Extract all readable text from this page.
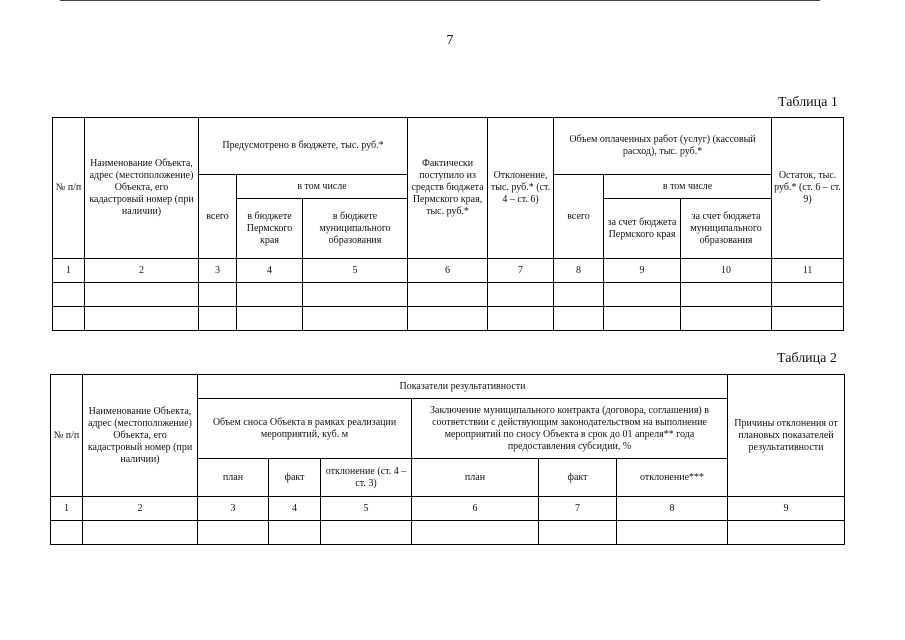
7
Таблица 1
№ п/п	Наименование Объекта, адрес (местоположение) Объекта, его кадастровый номер (при наличии)	Предусмотрено в бюджете, тыс. руб.*			Фактически поступило из средств бюджета Пермского края, тыс. руб.*	Отклонение, тыс. руб.* (ст. 4 – ст. 6)	Объем оплаченных работ (услуг) (кассовый расход), тыс. руб.*			Остаток, тыс. руб.* (ст. 6 – ст. 9)
		всего	в том числе				всего	в том числе		
			в бюджете Пермского края	в бюджете муниципального образования				за счет бюджета Пермского края	за счет бюджета муниципального образования	
1	2	3	4	5	6	7	8	9	10	11

Таблица 2
№ п/п	Наименование Объекта, адрес (местоположение) Объекта, его кадастровый номер (при наличии)	Показатели результативности						Причины отклонения от плановых показателей результативности
		Объем сноса Объекта в рамках реализации мероприятий, куб. м			Заключение муниципального контракта (договора, соглашения) в соответствии с действующим законодательством на выполнение мероприятий по сносу Объекта в срок до 01 апреля** года предоставления субсидии, %			
		план	факт	отклонение (ст. 4 – ст. 3)	план	факт	отклонение***	
1	2	3	4	5	6	7	8	9
